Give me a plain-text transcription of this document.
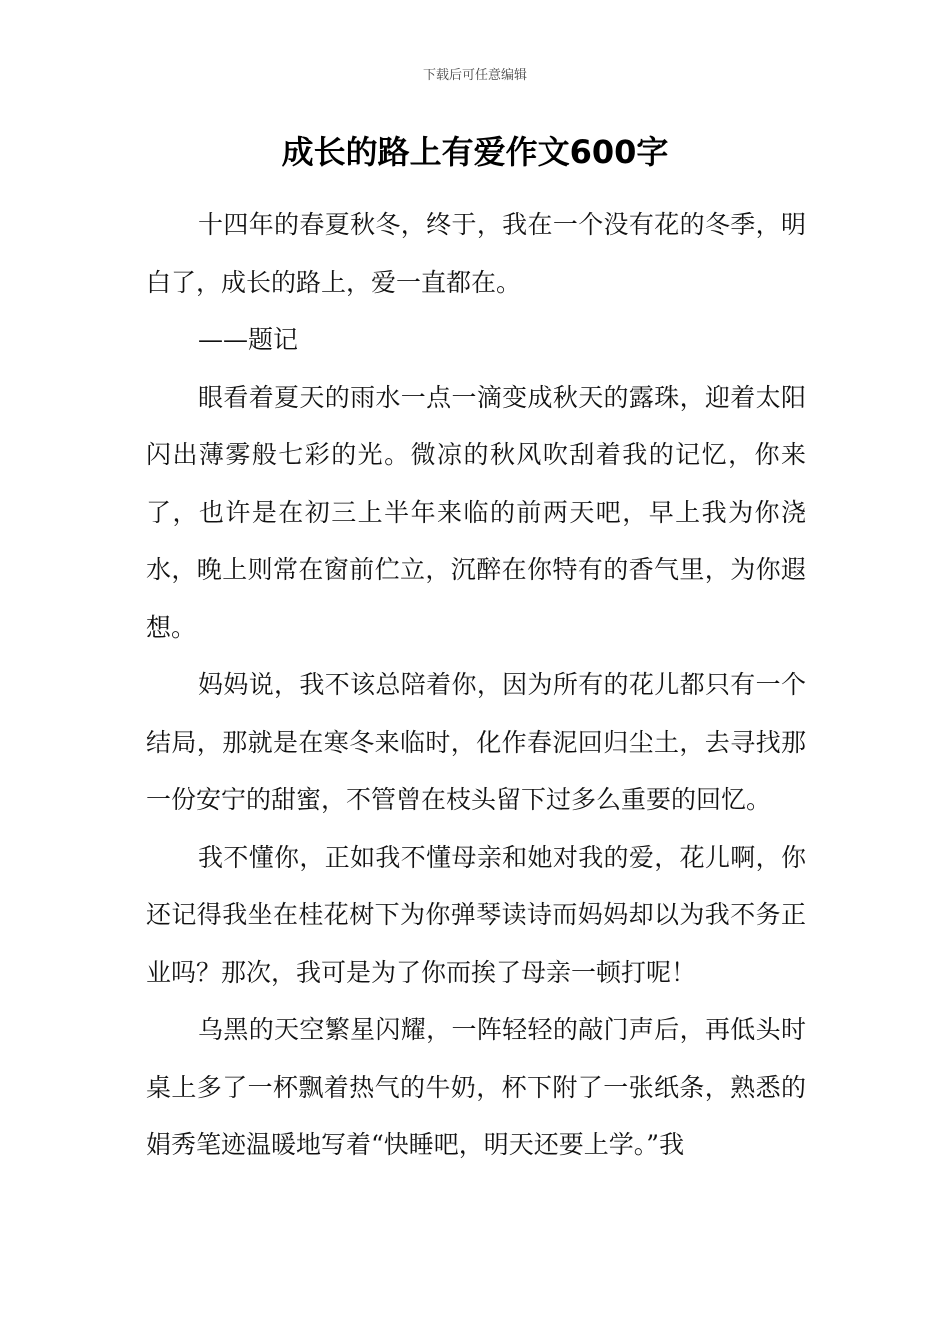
下载后可任意编辑
成长的路上有爱作文600字

十四年的春夏秋冬，终于，我在一个没有花的冬季，明白了，成长的路上，爱一直都在。

——题记

眼看着夏天的雨水一点一滴变成秋天的露珠，迎着太阳闪出薄雾般七彩的光。微凉的秋风吹刮着我的记忆，你来了，也许是在初三上半年来临的前两天吧，早上我为你浇水，晚上则常在窗前伫立，沉醉在你特有的香气里，为你遐想。

妈妈说，我不该总陪着你，因为所有的花儿都只有一个结局，那就是在寒冬来临时，化作春泥回归尘土，去寻找那一份安宁的甜蜜，不管曾在枝头留下过多么重要的回忆。

我不懂你，正如我不懂母亲和她对我的爱，花儿啊，你还记得我坐在桂花树下为你弹琴读诗而妈妈却以为我不务正业吗？那次，我可是为了你而挨了母亲一顿打呢！

乌黑的天空繁星闪耀，一阵轻轻的敲门声后，再低头时桌上多了一杯飘着热气的牛奶，杯下附了一张纸条，熟悉的娟秀笔迹温暖地写着“快睡吧，明天还要上学。”我
